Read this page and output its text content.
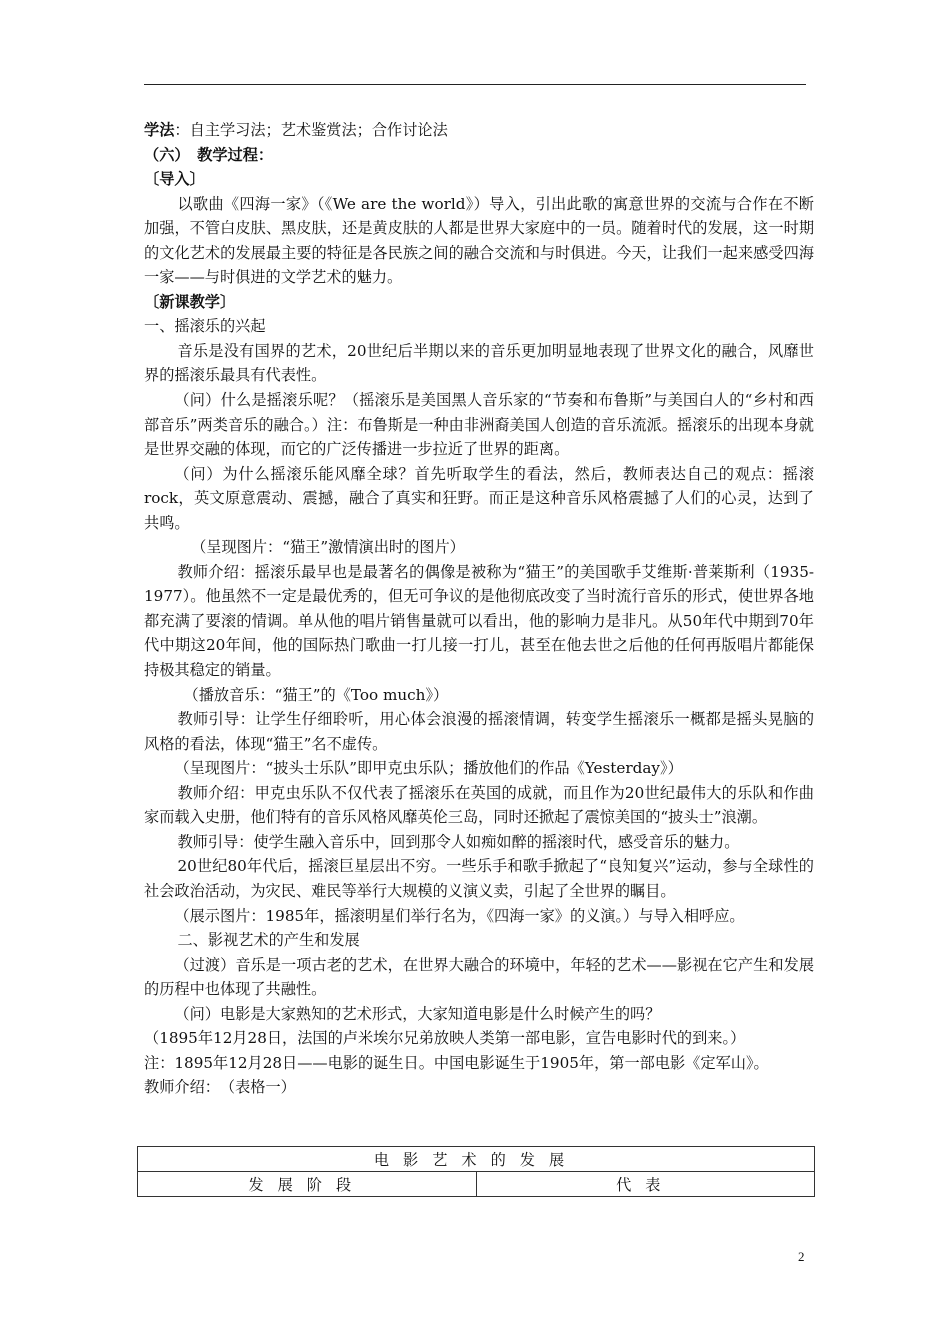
学法：自主学习法；艺术鉴赏法；合作讨论法

（六）　教学过程：

〔导入〕

以歌曲《四海一家》（《We are the world》）导入，引出此歌的寓意世界的交流与合作在不断加强，不管白皮肤、黑皮肤，还是黄皮肤的人都是世界大家庭中的一员。随着时代的发展，这一时期的文化艺术的发展最主要的特征是各民族之间的融合交流和与时俱进。今天，让我们一起来感受四海一家——与时俱进的文学艺术的魅力。

〔新课教学〕

一、摇滚乐的兴起

音乐是没有国界的艺术，20世纪后半期以来的音乐更加明显地表现了世界文化的融合，风靡世界的摇滚乐最具有代表性。

（问）什么是摇滚乐呢？（摇滚乐是美国黑人音乐家的“节奏和布鲁斯”与美国白人的“乡村和西部音乐”两类音乐的融合。）注：布鲁斯是一种由非洲裔美国人创造的音乐流派。摇滚乐的出现本身就是世界交融的体现，而它的广泛传播进一步拉近了世界的距离。

（问）为什么摇滚乐能风靡全球？首先听取学生的看法，然后，教师表达自己的观点：摇滚rock，英文原意震动、震撼，融合了真实和狂野。而正是这种音乐风格震撼了人们的心灵，达到了共鸣。

（呈现图片：“猫王”激情演出时的图片）

教师介绍：摇滚乐最早也是最著名的偶像是被称为“猫王”的美国歌手艾维斯·普莱斯利（1935-1977）。他虽然不一定是最优秀的，但无可争议的是他彻底改变了当时流行音乐的形式，使世界各地都充满了要滚的情调。单从他的唱片销售量就可以看出，他的影响力是非凡。从50年代中期到70年代中期这20年间，他的国际热门歌曲一打儿接一打儿，甚至在他去世之后他的任何再版唱片都能保持极其稳定的销量。

（播放音乐：“猫王”的《Too much》）

教师引导：让学生仔细聆听，用心体会浪漫的摇滚情调，转变学生摇滚乐一概都是摇头晃脑的风格的看法，体现“猫王”名不虚传。

（呈现图片：“披头士乐队”即甲克虫乐队；播放他们的作品《Yesterday》）

教师介绍：甲克虫乐队不仅代表了摇滚乐在英国的成就，而且作为20世纪最伟大的乐队和作曲家而载入史册，他们特有的音乐风格风靡英伦三岛，同时还掀起了震惊美国的“披头士”浪潮。

教师引导：使学生融入音乐中，回到那令人如痴如醉的摇滚时代，感受音乐的魅力。

20世纪80年代后，摇滚巨星层出不穷。一些乐手和歌手掀起了“良知复兴”运动，参与全球性的社会政治活动，为灾民、难民等举行大规模的义演义卖，引起了全世界的瞩目。

（展示图片：1985年，摇滚明星们举行名为，《四海一家》的义演。）与导入相呼应。

二、影视艺术的产生和发展

（过渡）音乐是一项古老的艺术，在世界大融合的环境中，年轻的艺术——影视在它产生和发展的历程中也体现了共融性。

（问）电影是大家熟知的艺术形式，大家知道电影是什么时候产生的吗？

（1895年12月28日，法国的卢米埃尔兄弟放映人类第一部电影，宣告电影时代的到来。）

注：1895年12月28日——电影的诞生日。中国电影诞生于1905年，第一部电影《定军山》。

教师介绍：　（表格一）

电影艺术的发展
发展阶段	代表
2
